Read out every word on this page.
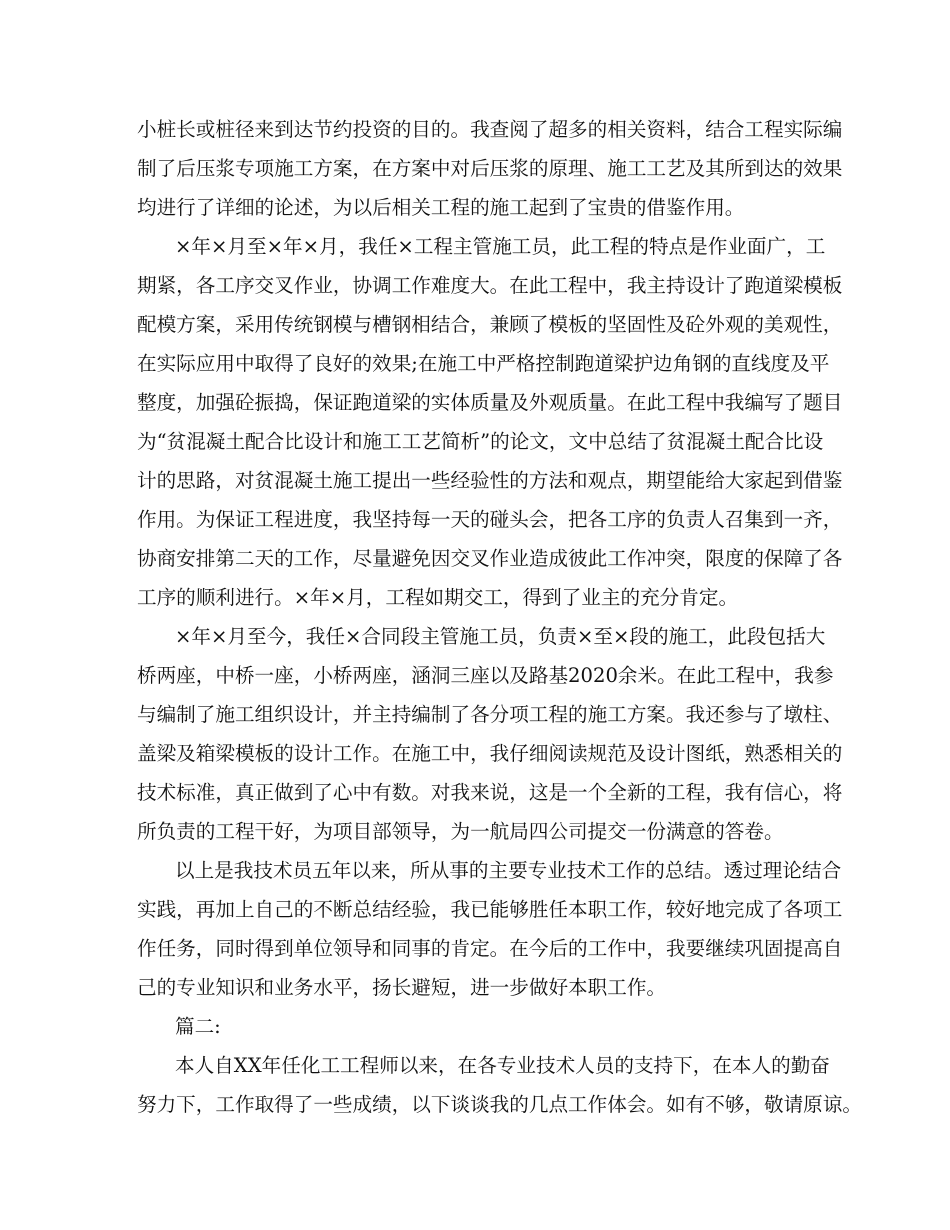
小桩长或桩径来到达节约投资的目的。我查阅了超多的相关资料，结合工程实际编
制了后压浆专项施工方案，在方案中对后压浆的原理、施工工艺及其所到达的效果
均进行了详细的论述，为以后相关工程的施工起到了宝贵的借鉴作用。
×年×月至×年×月，我任×工程主管施工员，此工程的特点是作业面广，工
期紧，各工序交叉作业，协调工作难度大。在此工程中，我主持设计了跑道梁模板
配模方案，采用传统钢模与槽钢相结合，兼顾了模板的坚固性及砼外观的美观性，
在实际应用中取得了良好的效果;在施工中严格控制跑道梁护边角钢的直线度及平
整度，加强砼振捣，保证跑道梁的实体质量及外观质量。在此工程中我编写了题目
为“贫混凝土配合比设计和施工工艺简析”的论文，文中总结了贫混凝土配合比设
计的思路，对贫混凝土施工提出一些经验性的方法和观点，期望能给大家起到借鉴
作用。为保证工程进度，我坚持每一天的碰头会，把各工序的负责人召集到一齐，
协商安排第二天的工作，尽量避免因交叉作业造成彼此工作冲突，限度的保障了各
工序的顺利进行。×年×月，工程如期交工，得到了业主的充分肯定。
×年×月至今，我任×合同段主管施工员，负责×至×段的施工，此段包括大
桥两座，中桥一座，小桥两座，涵洞三座以及路基2020余米。在此工程中，我参
与编制了施工组织设计，并主持编制了各分项工程的施工方案。我还参与了墩柱、
盖梁及箱梁模板的设计工作。在施工中，我仔细阅读规范及设计图纸，熟悉相关的
技术标准，真正做到了心中有数。对我来说，这是一个全新的工程，我有信心，将
所负责的工程干好，为项目部领导，为一航局四公司提交一份满意的答卷。
以上是我技术员五年以来，所从事的主要专业技术工作的总结。透过理论结合
实践，再加上自己的不断总结经验，我已能够胜任本职工作，较好地完成了各项工
作任务，同时得到单位领导和同事的肯定。在今后的工作中，我要继续巩固提高自
己的专业知识和业务水平，扬长避短，进一步做好本职工作。
篇二:
本人自XX年任化工工程师以来，在各专业技术人员的支持下，在本人的勤奋
努力下，工作取得了一些成绩，以下谈谈我的几点工作体会。如有不够，敬请原谅。
